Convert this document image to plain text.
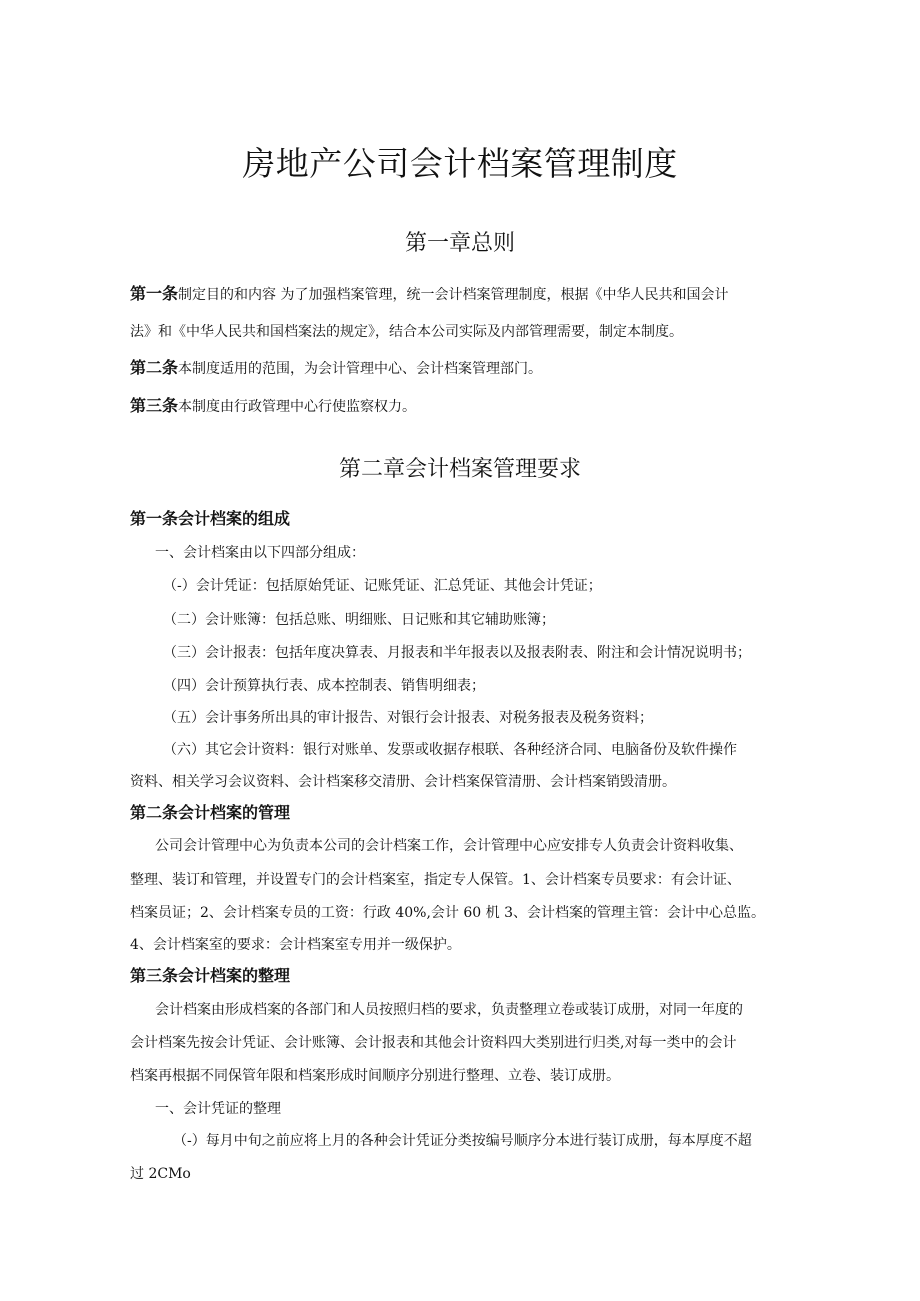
房地产公司会计档案管理制度
第一章总则
第一条制定目的和内容 为了加强档案管理，统一会计档案管理制度，根据《中华人民共和国会计
法》和《中华人民共和国档案法的规定》，结合本公司实际及内部管理需要，制定本制度。
第二条本制度适用的范围，为会计管理中心、会计档案管理部门。
第三条本制度由行政管理中心行使监察权力。
第二章会计档案管理要求
第一条会计档案的组成
一、会计档案由以下四部分组成：
（-）会计凭证：包括原始凭证、记账凭证、汇总凭证、其他会计凭证；
（二）会计账簿：包括总账、明细账、日记账和其它辅助账簿；
（三）会计报表：包括年度决算表、月报表和半年报表以及报表附表、附注和会计情况说明书；
（四）会计预算执行表、成本控制表、销售明细表；
（五）会计事务所出具的审计报告、对银行会计报表、对税务报表及税务资料；
（六）其它会计资料：银行对账单、发票或收据存根联、各种经济合同、电脑备份及软件操作
资料、相关学习会议资料、会计档案移交清册、会计档案保管清册、会计档案销毁清册。
第二条会计档案的管理
公司会计管理中心为负责本公司的会计档案工作，会计管理中心应安排专人负责会计资料收集、
整理、装订和管理，并设置专门的会计档案室，指定专人保管。1、会计档案专员要求：有会计证、
档案员证；2、会计档案专员的工资：行政 40%,会计 60 机 3、会计档案的管理主管：会计中心总监。
4、会计档案室的要求：会计档案室专用并一级保护。
第三条会计档案的整理
会计档案由形成档案的各部门和人员按照归档的要求，负责整理立卷或装订成册，对同一年度的
会计档案先按会计凭证、会计账簿、会计报表和其他会计资料四大类别进行归类,对每一类中的会计
档案再根据不同保管年限和档案形成时间顺序分别进行整理、立卷、装订成册。
一、会计凭证的整理
（-）每月中旬之前应将上月的各种会计凭证分类按编号顺序分本进行装订成册，每本厚度不超
过 2CMo
